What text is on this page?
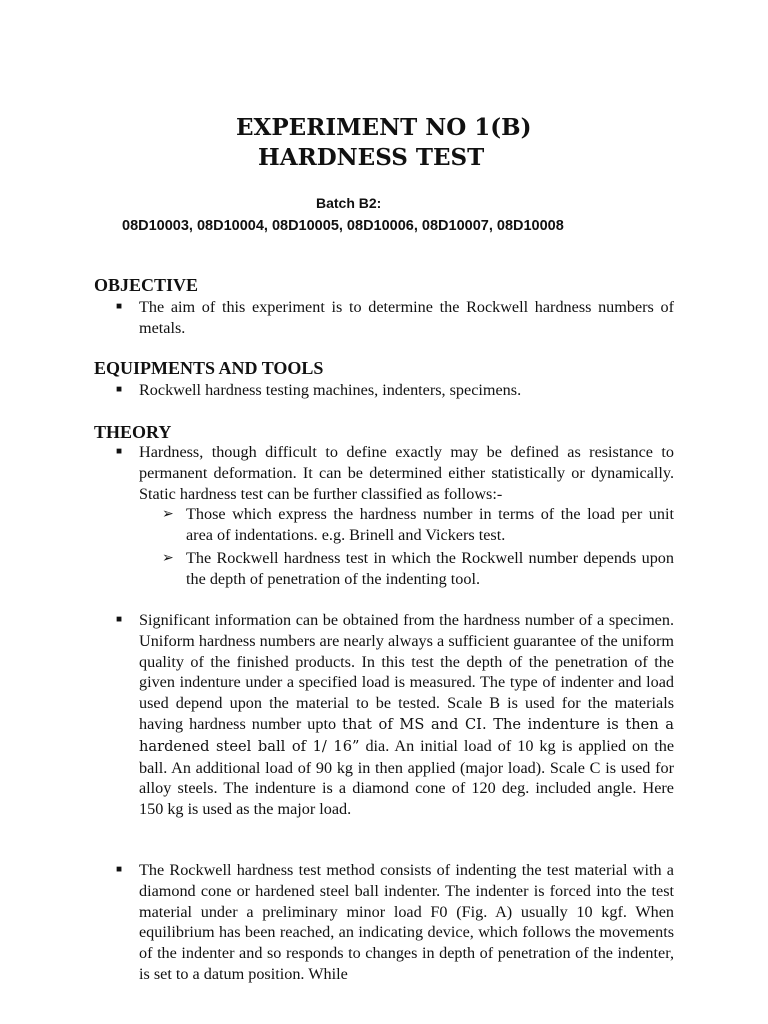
EXPERIMENT NO 1(B)
HARDNESS TEST
Batch B2:
08D10003, 08D10004, 08D10005, 08D10006, 08D10007, 08D10008
OBJECTIVE
■ The aim of this experiment is to determine the Rockwell hardness numbers of metals.
EQUIPMENTS AND TOOLS
■ Rockwell hardness testing machines, indenters, specimens.
THEORY
■ Hardness, though difficult to define exactly may be defined as resistance to permanent deformation. It can be determined either statistically or dynamically. Static hardness test can be further classified as follows:-
➢ Those which express the hardness number in terms of the load per unit area of indentations. e.g. Brinell and Vickers test.
➢ The Rockwell hardness test in which the Rockwell number depends upon the depth of penetration of the indenting tool.
■ Significant information can be obtained from the hardness number of a specimen. Uniform hardness numbers are nearly always a sufficient guarantee of the uniform quality of the finished products. In this test the depth of the penetration of the given indenture under a specified load is measured. The type of indenter and load used depend upon the material to be tested. Scale B is used for the materials having hardness number upto that of MS and CI. The indenture is then a hardened steel ball of 1/ 16” dia. An initial load of 10 kg is applied on the ball. An additional load of 90 kg in then applied (major load). Scale C is used for alloy steels. The indenture is a diamond cone of 120 deg. included angle. Here 150 kg is used as the major load.
■ The Rockwell hardness test method consists of indenting the test material with a diamond cone or hardened steel ball indenter. The indenter is forced into the test material under a preliminary minor load F0 (Fig. A) usually 10 kgf. When equilibrium has been reached, an indicating device, which follows the movements of the indenter and so responds to changes in depth of penetration of the indenter, is set to a datum position. While
